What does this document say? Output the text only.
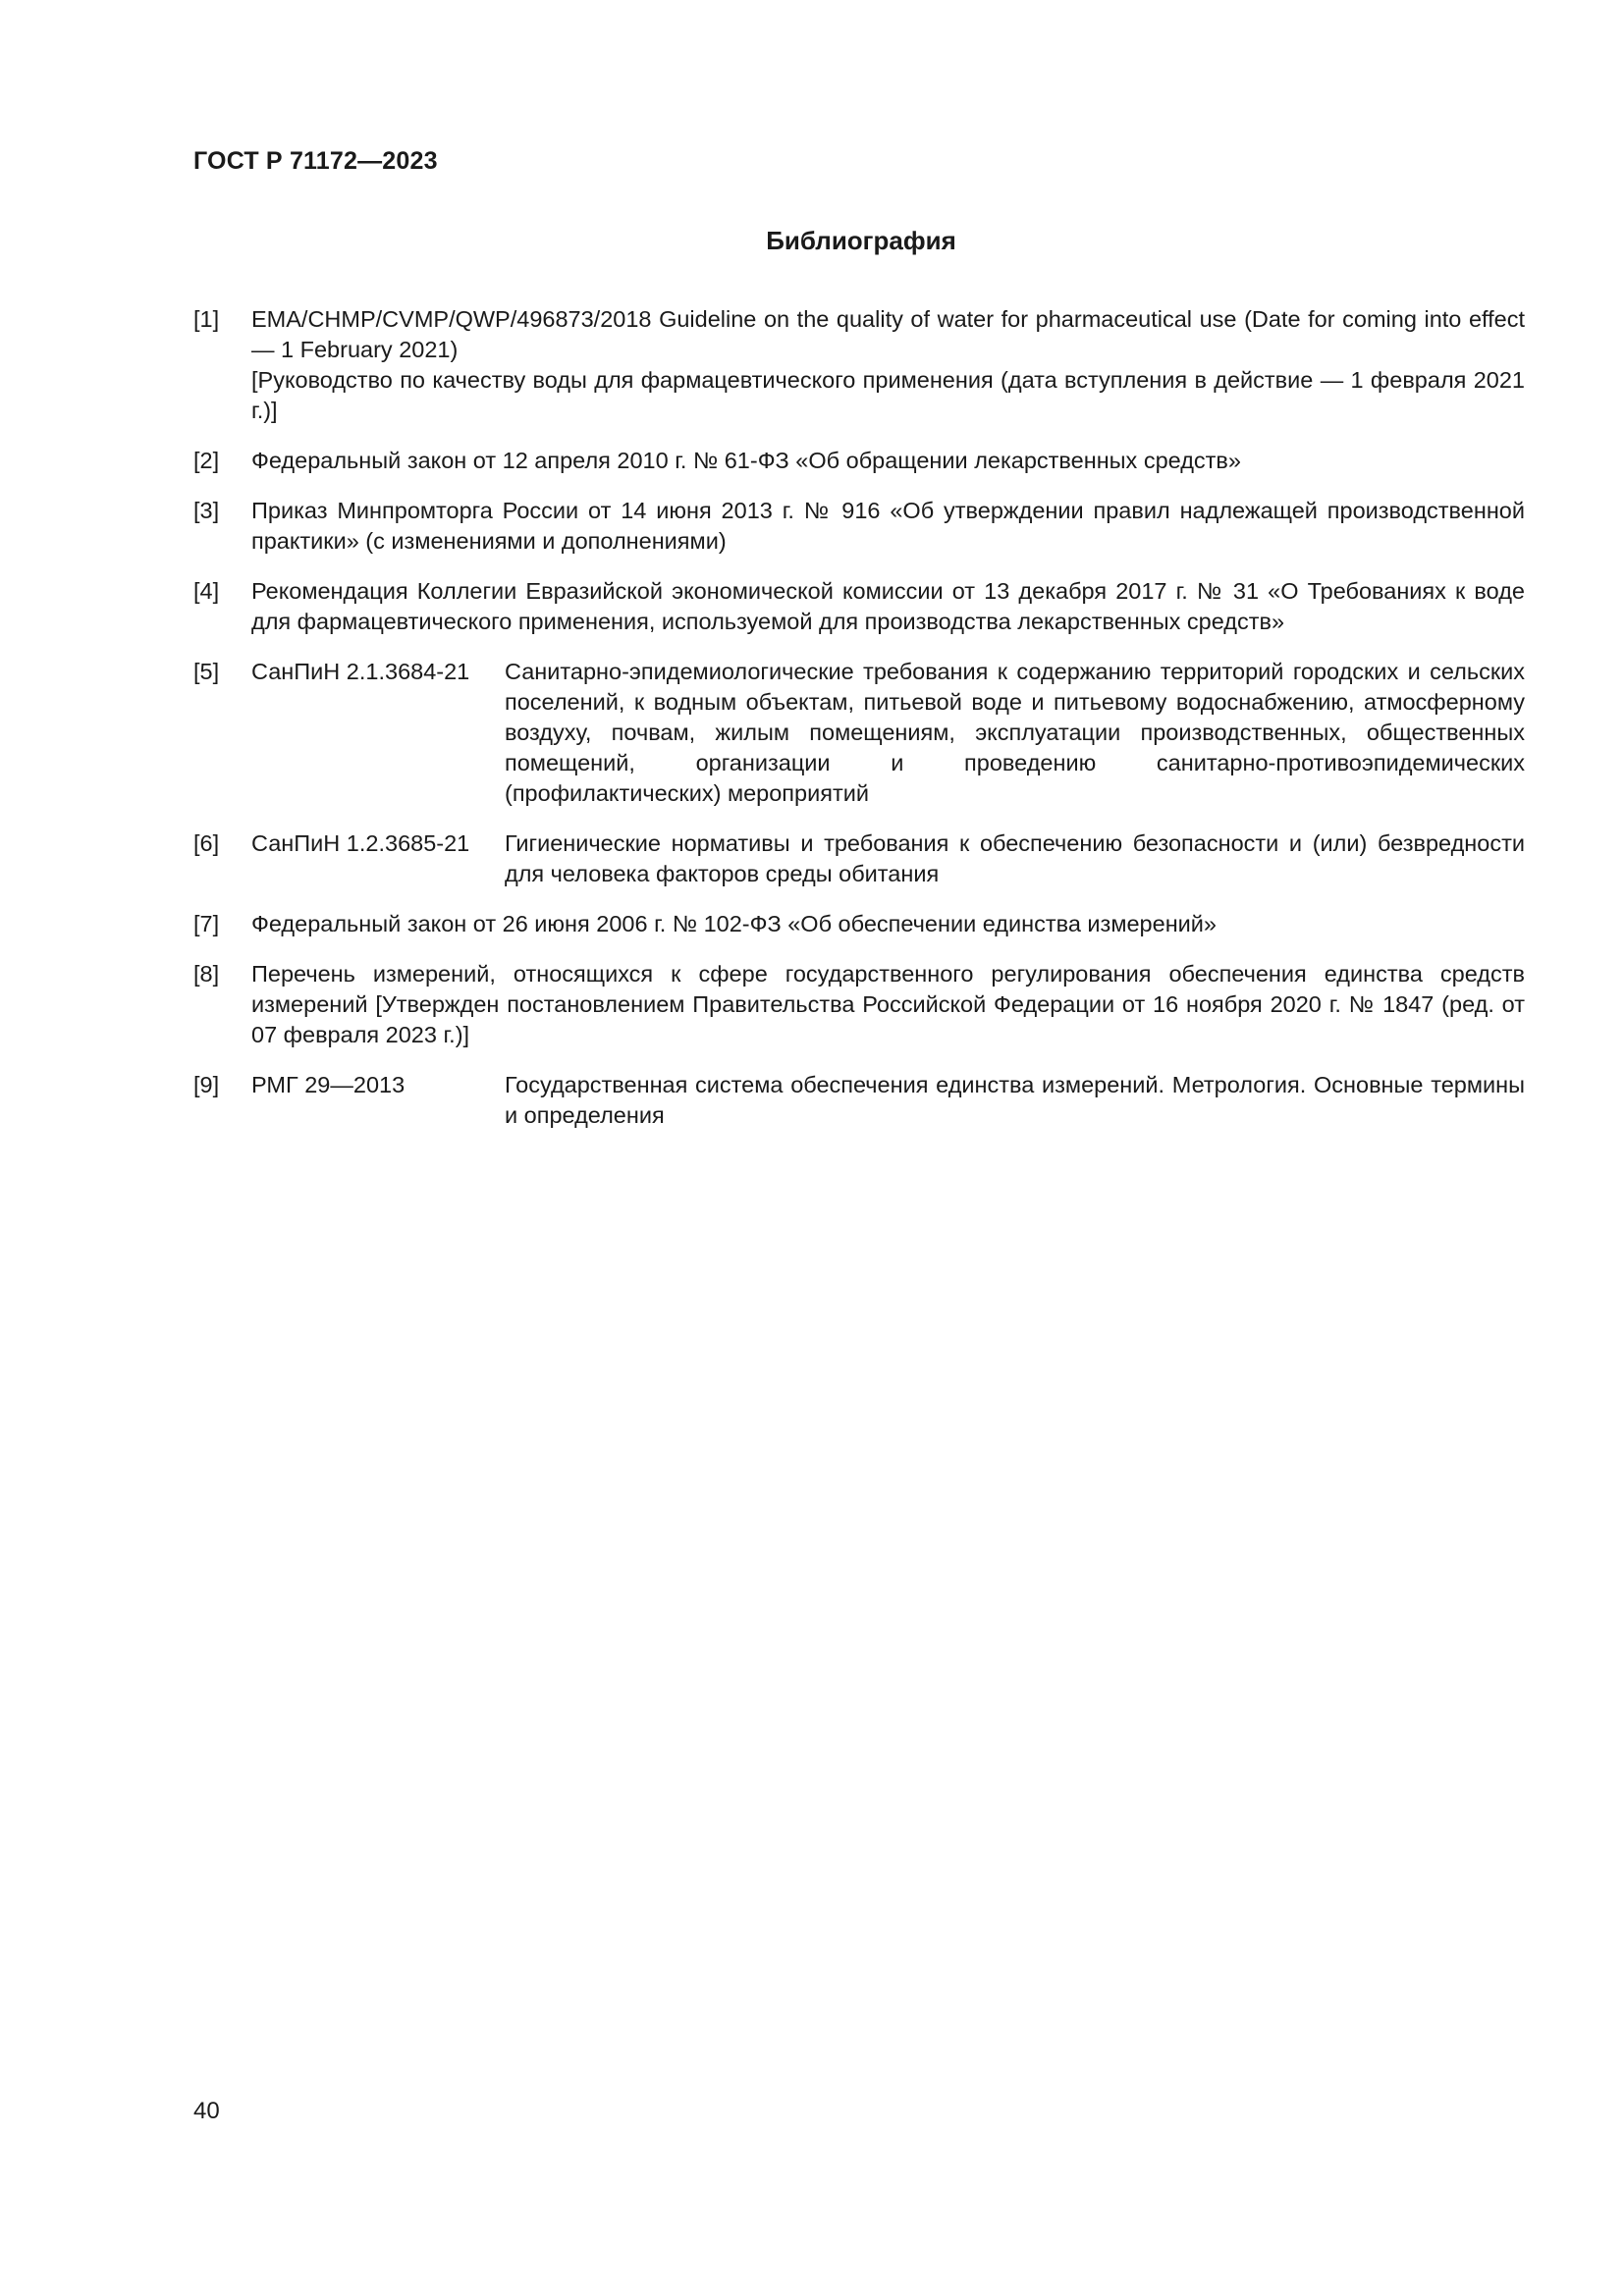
ГОСТ Р 71172—2023
Библиография
[1]	EMA/CHMP/CVMP/QWP/496873/2018 Guideline on the quality of water for pharmaceutical use (Date for coming into effect — 1 February 2021)
[Руководство по качеству воды для фармацевтического применения (дата вступления в действие — 1 февраля 2021 г.)]
[2]	Федеральный закон от 12 апреля 2010 г. № 61-ФЗ «Об обращении лекарственных средств»
[3]	Приказ Минпромторга России от 14 июня 2013 г. № 916 «Об утверждении правил надлежащей производственной практики» (с изменениями и дополнениями)
[4]	Рекомендация Коллегии Евразийской экономической комиссии от 13 декабря 2017 г. № 31 «О Требованиях к воде для фармацевтического применения, используемой для производства лекарственных средств»
[5]	СанПиН 2.1.3684-21	Санитарно-эпидемиологические требования к содержанию территорий городских и сельских поселений, к водным объектам, питьевой воде и питьевому водоснабжению, атмосферному воздуху, почвам, жилым помещениям, эксплуатации производственных, общественных помещений, организации и проведению санитарно-противоэпидемических (профилактических) мероприятий
[6]	СанПиН 1.2.3685-21	Гигиенические нормативы и требования к обеспечению безопасности и (или) безвредности для человека факторов среды обитания
[7]	Федеральный закон от 26 июня 2006 г. № 102-ФЗ «Об обеспечении единства измерений»
[8]	Перечень измерений, относящихся к сфере государственного регулирования обеспечения единства средств измерений [Утвержден постановлением Правительства Российской Федерации от 16 ноября 2020 г. № 1847 (ред. от 07 февраля 2023 г.)]
[9]	РМГ 29—2013	Государственная система обеспечения единства измерений. Метрология. Основные термины и определения
40
